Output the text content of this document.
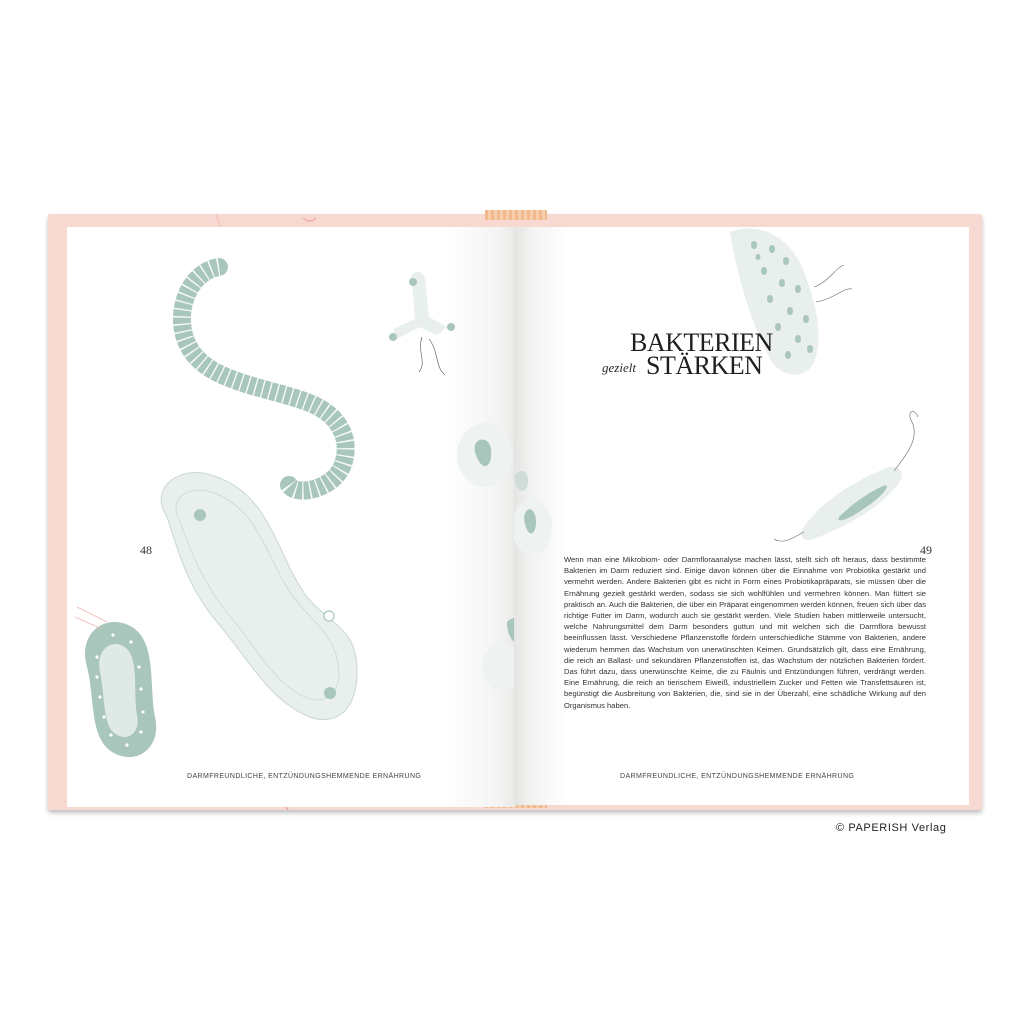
48
DARMFREUNDLICHE, ENTZÜNDUNGSHEMMENDE ERNÄHRUNG
BAKTERIEN
gezielt STÄRKEN
49
Wenn man eine Mikrobiom- oder Darmfloraanalyse machen lässt, stellt sich oft heraus, dass bestimmte Bakterien im Darm reduziert sind. Einige davon können über die Einnahme von Probiotika gestärkt und vermehrt werden. Andere Bakterien gibt es nicht in Form eines Probiotikapräparats, sie müssen über die Ernährung gezielt gestärkt werden, sodass sie sich wohlfühlen und vermehren können. Man füttert sie praktisch an. Auch die Bakterien, die über ein Präparat eingenommen werden können, freuen sich über das richtige Futter im Darm, wodurch auch sie gestärkt werden. Viele Studien haben mittlerweile untersucht, welche Nahrungsmittel dem Darm besonders guttun und mit welchen sich die Darmflora bewusst beeinflussen lässt. Verschiedene Pflanzenstoffe fördern unterschiedliche Stämme von Bakterien, andere wiederum hemmen das Wachstum von unerwünschten Keimen. Grundsätzlich gilt, dass eine Ernährung, die reich an Ballast- und sekundären Pflanzenstoffen ist, das Wachstum der nützlichen Bakterien fördert. Das führt dazu, dass unerwünschte Keime, die zu Fäulnis und Entzündungen führen, verdrängt werden. Eine Ernährung, die reich an tierischem Eiweiß, industriellem Zucker und Fetten wie Transfettsäuren ist, begünstigt die Ausbreitung von Bakterien, die, sind sie in der Überzahl, eine schädliche Wirkung auf den Organismus haben.
DARMFREUNDLICHE, ENTZÜNDUNGSHEMMENDE ERNÄHRUNG
© PAPERISH Verlag
